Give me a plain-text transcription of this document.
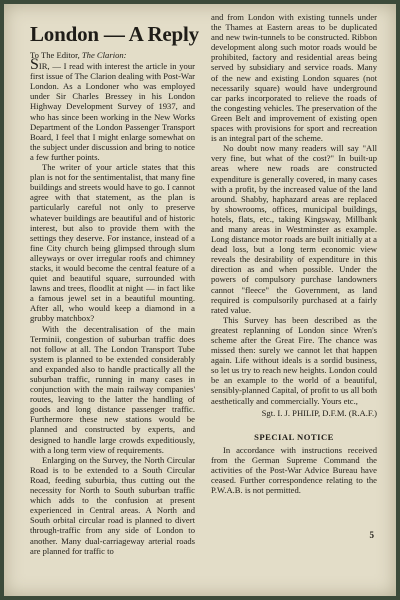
London — A Reply

To The Editor, The Clarion:

SIR, — I read with interest the article in your first issue of The Clarion dealing with Post-War London. As a Londoner who was employed under Sir Charles Bressey in his London Highway Development Survey of 1937, and who has since been working in the New Works Department of the London Passenger Transport Board, I feel that I might enlarge somewhat on the subject under discussion and bring to notice a few further points.

The writer of your article states that this plan is not for the sentimentalist, that many fine buildings and streets would have to go. I cannot agree with that statement, as the plan is particularly careful not only to preserve whatever buildings are beautiful and of historic interest, but also to provide them with the settings they deserve. For instance, instead of a fine City church being glimpsed through slum alleyways or over irregular roofs and chimney stacks, it would become the central feature of a quiet and beautiful square, surrounded with lawns and trees, floodlit at night — in fact like a famous jewel set in a beautiful mounting. After all, who would keep a diamond in a grubby matchbox?

With the decentralisation of the main Terminii, congestion of suburban traffic does not follow at all. The London Transport Tube system is planned to be extended considerably and expanded also to handle practically all the suburban traffic, running in many cases in conjunction with the main railway companies' routes, leaving to the latter the handling of goods and long distance passenger traffic. Furthermore these new stations would be planned and constructed by experts, and designed to handle large crowds expeditiously, with a long term view of requirements.

Enlarging on the Survey, the North Circular Road is to be extended to a South Circular Road, feeding suburbia, thus cutting out the necessity for North to South suburban traffic which adds to the confusion at present experienced in Central areas. A North and South orbital circular road is planned to divert through-traffic from any side of London to another. Many dual-carriageway arterial roads are planned for traffic to

and from London with existing tunnels under the Thames at Eastern areas to be duplicated and new twin-tunnels to be constructed. Ribbon development along such motor roads would be prohibited, factory and residential areas being served by subsidiary and service roads. Many of the new and existing London squares (not necessarily square) would have underground car parks incorporated to relieve the roads of the congesting vehicles. The preservation of the Green Belt and improvement of existing open spaces with provisions for sport and recreation is an integral part of the scheme.

No doubt now many readers will say "All very fine, but what of the cost?" In built-up areas where new roads are constructed expenditure is generally covered, in many cases with a profit, by the increased value of the land around. Shabby, haphazard areas are replaced by showrooms, offices, municipal buildings, hotels, flats, etc., taking Kingsway, Millbank and many areas in Westminster as example. Long distance motor roads are built initially at a dead loss, but a long term economic view reveals the desirability of expenditure in this direction as and when possible. Under the powers of compulsory purchase landowners cannot "fleece" the Government, as land required is compulsorily purchased at a fairly rated value.

This Survey has been described as the greatest replanning of London since Wren's scheme after the Great Fire. The chance was missed then: surely we cannot let that happen again. Life without ideals is a sordid business, so let us try to reach new heights. London could be an example to the world of a beautiful, sensibly-planned Capital, of profit to us all both aesthetically and commercially. Yours etc.,

Sgt. I. J. PHILIP, D.F.M. (R.A.F.)

SPECIAL NOTICE

In accordance with instructions received from the German Supreme Command the activities of the Post-War Advice Bureau have ceased. Further correspondence relating to the P.W.A.B. is not permitted.

5
